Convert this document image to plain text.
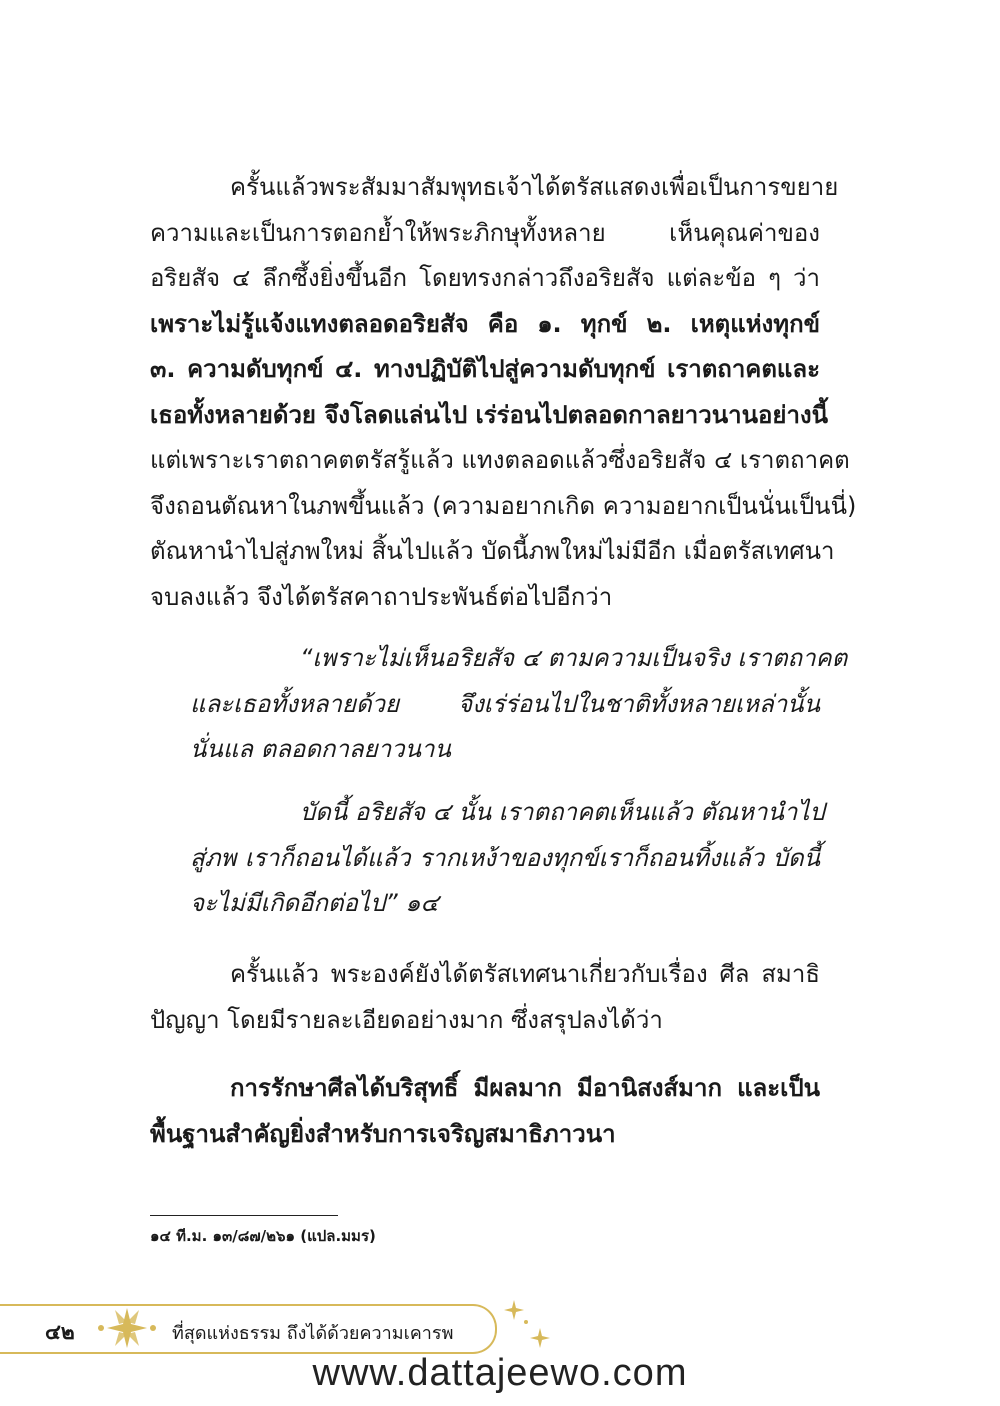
ครั้นแล้วพระสัมมาสัมพุทธเจ้าได้ตรัสแสดงเพื่อเป็นการขยาย
ความและเป็นการตอกย้ำให้พระภิกษุทั้งหลาย เห็นคุณค่าของ
อริยสัจ ๔ ลึกซึ้งยิ่งขึ้นอีก โดยทรงกล่าวถึงอริยสัจ แต่ละข้อ ๆ ว่า
เพราะไม่รู้แจ้งแทงตลอดอริยสัจ คือ ๑. ทุกข์ ๒. เหตุแห่งทุกข์
๓. ความดับทุกข์ ๔. ทางปฏิบัติไปสู่ความดับทุกข์ เราตถาคตและ
เธอทั้งหลายด้วย จึงโลดแล่นไป เร่ร่อนไปตลอดกาลยาวนานอย่างนี้
แต่เพราะเราตถาคตตรัสรู้แล้ว แทงตลอดแล้วซึ่งอริยสัจ ๔ เราตถาคต
จึงถอนตัณหาในภพขึ้นแล้ว (ความอยากเกิด ความอยากเป็นนั่นเป็นนี่)
ตัณหานำไปสู่ภพใหม่ สิ้นไปแล้ว บัดนี้ภพใหม่ไม่มีอีก เมื่อตรัสเทศนา
จบลงแล้ว จึงได้ตรัสคาถาประพันธ์ต่อไปอีกว่า
“เพราะไม่เห็นอริยสัจ ๔ ตามความเป็นจริง เราตถาคต
และเธอทั้งหลายด้วย จึงเร่ร่อนไปในชาติทั้งหลายเหล่านั้น
นั่นแล ตลอดกาลยาวนาน
บัดนี้ อริยสัจ ๔ นั้น เราตถาคตเห็นแล้ว ตัณหานำไป
สู่ภพ เราก็ถอนได้แล้ว รากเหง้าของทุกข์เราก็ถอนทิ้งแล้ว บัดนี้
จะไม่มีเกิดอีกต่อไป” ๑๔
ครั้นแล้ว พระองค์ยังได้ตรัสเทศนาเกี่ยวกับเรื่อง ศีล สมาธิ
ปัญญา โดยมีรายละเอียดอย่างมาก ซึ่งสรุปลงได้ว่า
การรักษาศีลได้บริสุทธิ์ มีผลมาก มีอานิสงส์มาก และเป็น
พื้นฐานสำคัญยิ่งสำหรับการเจริญสมาธิภาวนา
๑๔ ที.ม. ๑๓/๘๗/๒๖๑ (แปล.มมร)
๔๒	ที่สุดแห่งธรรม ถึงได้ด้วยความเคารพ
www.dattajeewo.com
